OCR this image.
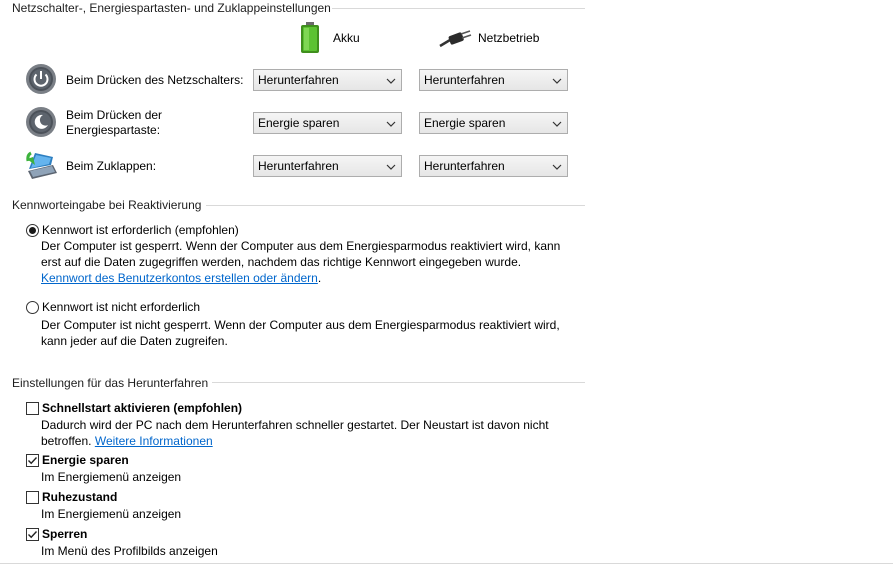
Netzschalter-, Energiespartasten- und Zuklappeinstellungen
Akku	Netzbetrieb
Beim Drücken des Netzschalters:	Herunterfahren	Herunterfahren
Beim Drücken der Energiespartaste:	Energie sparen	Energie sparen
Beim Zuklappen:	Herunterfahren	Herunterfahren
Kennworteingabe bei Reaktivierung
Kennwort ist erforderlich (empfohlen)
Der Computer ist gesperrt. Wenn der Computer aus dem Energiesparmodus reaktiviert wird, kann erst auf die Daten zugegriffen werden, nachdem das richtige Kennwort eingegeben wurde.
Kennwort des Benutzerkontos erstellen oder ändern.
Kennwort ist nicht erforderlich
Der Computer ist nicht gesperrt. Wenn der Computer aus dem Energiesparmodus reaktiviert wird, kann jeder auf die Daten zugreifen.
Einstellungen für das Herunterfahren
Schnellstart aktivieren (empfohlen)
Dadurch wird der PC nach dem Herunterfahren schneller gestartet. Der Neustart ist davon nicht betroffen. Weitere Informationen
Energie sparen
Im Energiemenü anzeigen
Ruhezustand
Im Energiemenü anzeigen
Sperren
Im Menü des Profilbilds anzeigen
